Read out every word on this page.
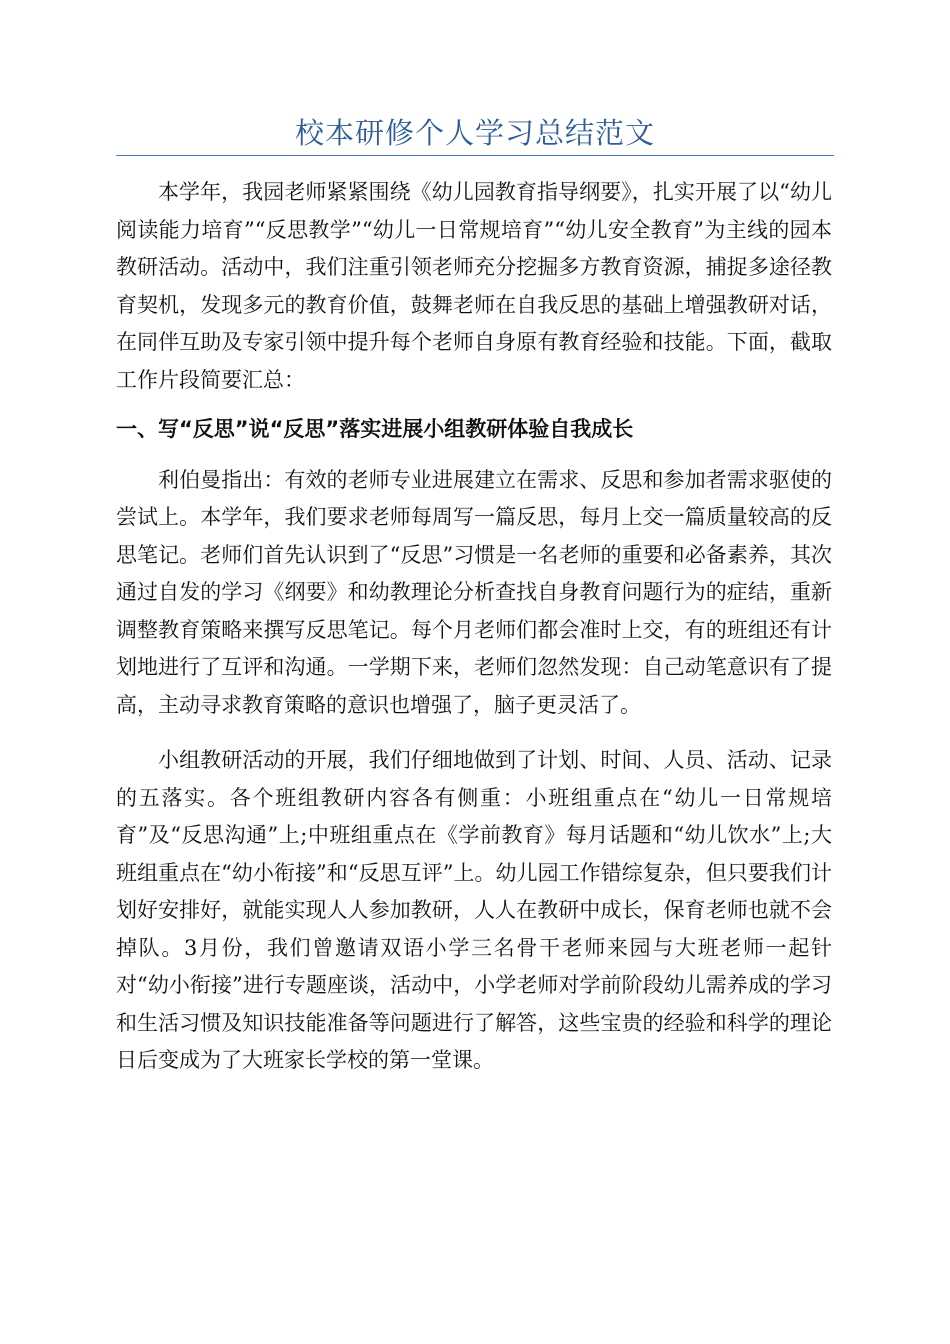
校本研修个人学习总结范文

本学年，我园老师紧紧围绕《幼儿园教育指导纲要》，扎实开展了以“幼儿阅读能力培育”“反思教学”“幼儿一日常规培育”“幼儿安全教育”为主线的园本教研活动。活动中，我们注重引领老师充分挖掘多方教育资源，捕捉多途径教育契机，发现多元的教育价值，鼓舞老师在自我反思的基础上增强教研对话，在同伴互助及专家引领中提升每个老师自身原有教育经验和技能。下面，截取工作片段简要汇总：

一、写“反思”说“反思”落实进展小组教研体验自我成长

利伯曼指出：有效的老师专业进展建立在需求、反思和参加者需求驱使的尝试上。本学年，我们要求老师每周写一篇反思，每月上交一篇质量较高的反思笔记。老师们首先认识到了“反思”习惯是一名老师的重要和必备素养，其次通过自发的学习《纲要》和幼教理论分析查找自身教育问题行为的症结，重新调整教育策略来撰写反思笔记。每个月老师们都会准时上交，有的班组还有计划地进行了互评和沟通。一学期下来，老师们忽然发现：自己动笔意识有了提高，主动寻求教育策略的意识也增强了，脑子更灵活了。

小组教研活动的开展，我们仔细地做到了计划、时间、人员、活动、记录的五落实。各个班组教研内容各有侧重：小班组重点在“幼儿一日常规培育”及“反思沟通”上;中班组重点在《学前教育》每月话题和“幼儿饮水”上;大班组重点在“幼小衔接”和“反思互评”上。幼儿园工作错综复杂，但只要我们计划好安排好，就能实现人人参加教研，人人在教研中成长，保育老师也就不会掉队。3月份，我们曾邀请双语小学三名骨干老师来园与大班老师一起针对“幼小衔接”进行专题座谈，活动中，小学老师对学前阶段幼儿需养成的学习和生活习惯及知识技能准备等问题进行了解答，这些宝贵的经验和科学的理论日后变成为了大班家长学校的第一堂课。
